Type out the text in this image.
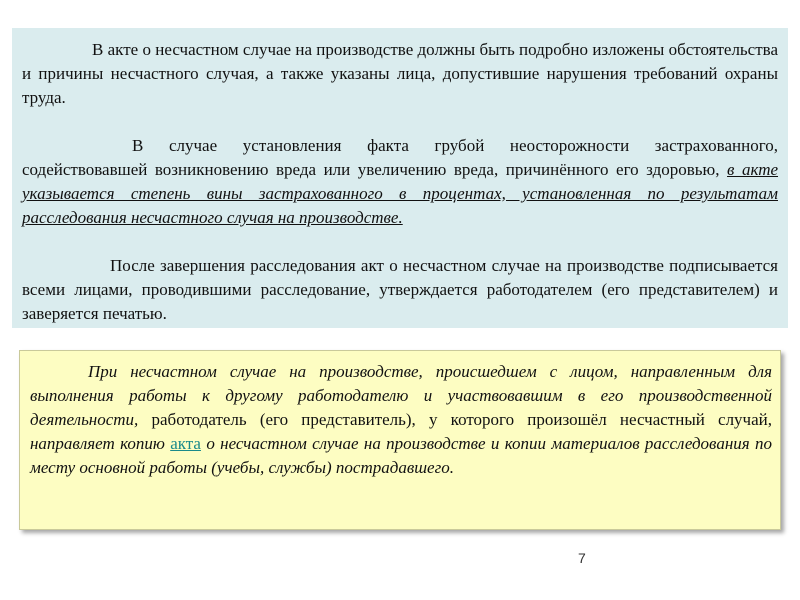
В акте о несчастном случае на производстве должны быть подробно изложены обстоятельства и причины несчастного случая, а также указаны лица, допустившие нарушения требований охраны труда.

В случае установления факта грубой неосторожности застрахованного, содействовавшей возникновению вреда или увеличению вреда, причинённого его здоровью, в акте указывается степень вины застрахованного в процентах, установленная по результатам расследования несчастного случая на производстве.

После завершения расследования акт о несчастном случае на производстве подписывается всеми лицами, проводившими расследование, утверждается работодателем (его представителем) и заверяется печатью.

При несчастном случае на производстве, происшедшем с лицом, направленным для выполнения работы к другому работодателю и участвовавшим в его производственной деятельности, работодатель (его представитель), у которого произошёл несчастный случай, направляет копию акта о несчастном случае на производстве и копии материалов расследования по месту основной работы (учебы, службы) пострадавшего.

7
